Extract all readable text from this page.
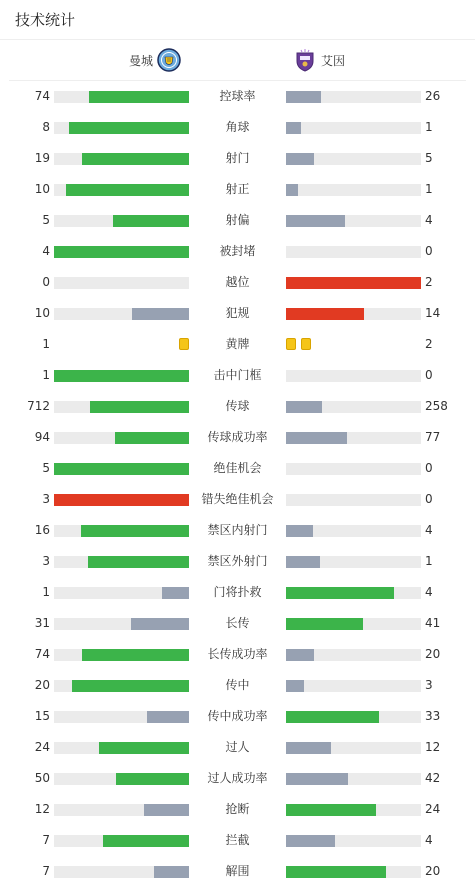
技术统计
曼城	艾因
74	控球率	26
8	角球	1
19	射门	5
10	射正	1
5	射偏	4
4	被封堵	0
0	越位	2
10	犯规	14
1	黄牌	2
1	击中门框	0
712	传球	258
94	传球成功率	77
5	绝佳机会	0
3	错失绝佳机会	0
16	禁区内射门	4
3	禁区外射门	1
1	门将扑救	4
31	长传	41
74	长传成功率	20
20	传中	3
15	传中成功率	33
24	过人	12
50	过人成功率	42
12	抢断	24
7	拦截	4
7	解围	20
